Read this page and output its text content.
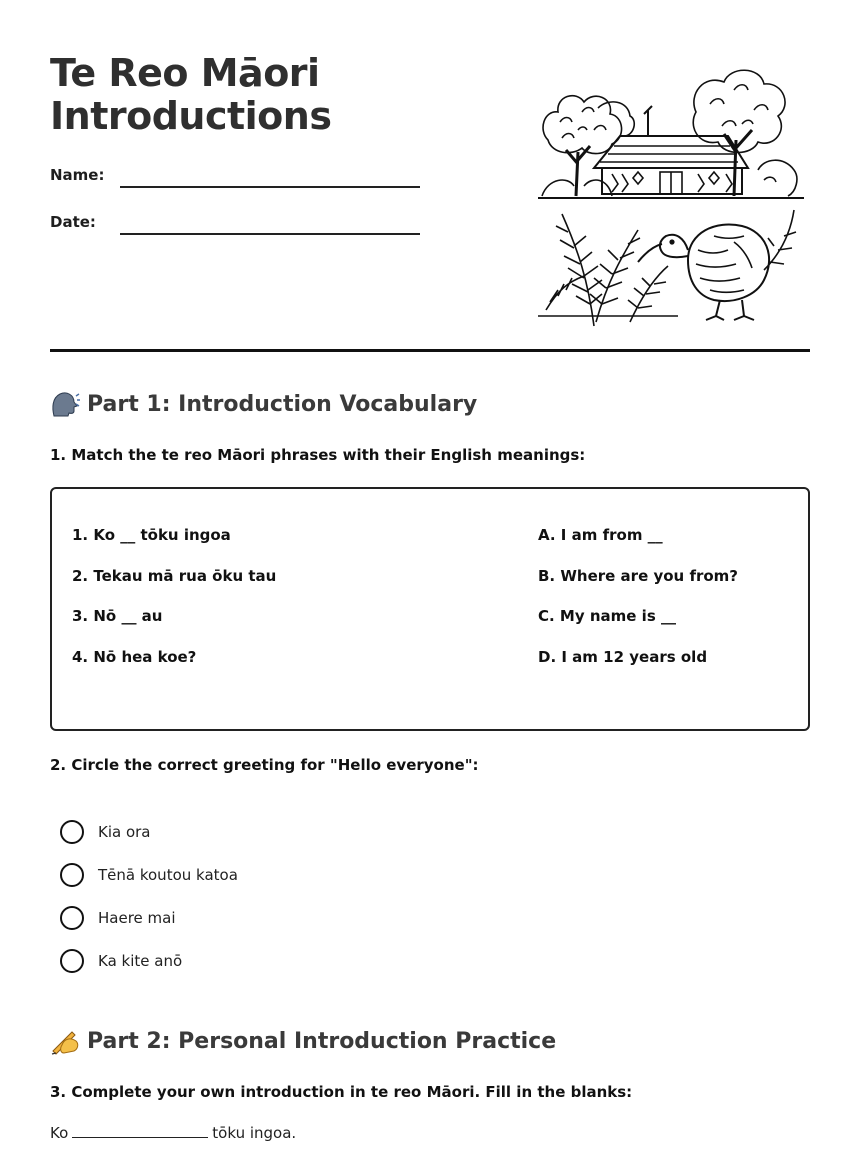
Te Reo Māori
Introductions
Name:
Date:
Part 1: Introduction Vocabulary
1. Match the te reo Māori phrases with their English meanings:
1. Ko __ tōku ingoa
2. Tekau mā rua ōku tau
3. Nō __ au
4. Nō hea koe?
A. I am from __
B. Where are you from?
C. My name is __
D. I am 12 years old
2. Circle the correct greeting for "Hello everyone":
Kia ora
Tēnā koutou katoa
Haere mai
Ka kite anō
Part 2: Personal Introduction Practice
3. Complete your own introduction in te reo Māori. Fill in the blanks:
Ko	tōku ingoa.
